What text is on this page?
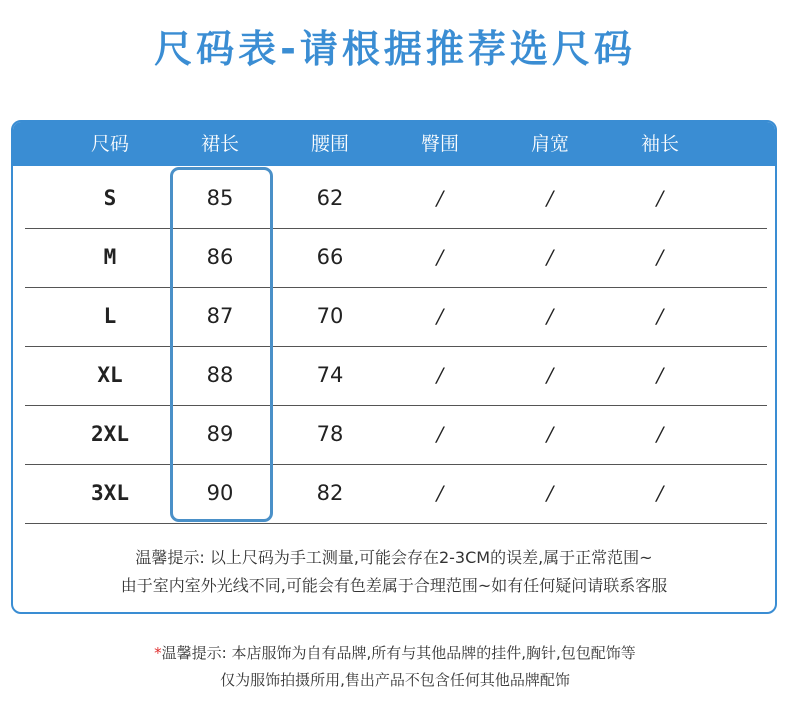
尺码表-请根据推荐选尺码
尺码	裙长	腰围	臀围	肩宽	袖长
S	85	62	/	/	/
M	86	66	/	/	/
L	87	70	/	/	/
XL	88	74	/	/	/
2XL	89	78	/	/	/
3XL	90	82	/	/	/
温馨提示: 以上尺码为手工测量,可能会存在2-3CM的误差,属于正常范围~
由于室内室外光线不同,可能会有色差属于合理范围~如有任何疑问请联系客服
*温馨提示: 本店服饰为自有品牌,所有与其他品牌的挂件,胸针,包包配饰等
仅为服饰拍摄所用,售出产品不包含任何其他品牌配饰
